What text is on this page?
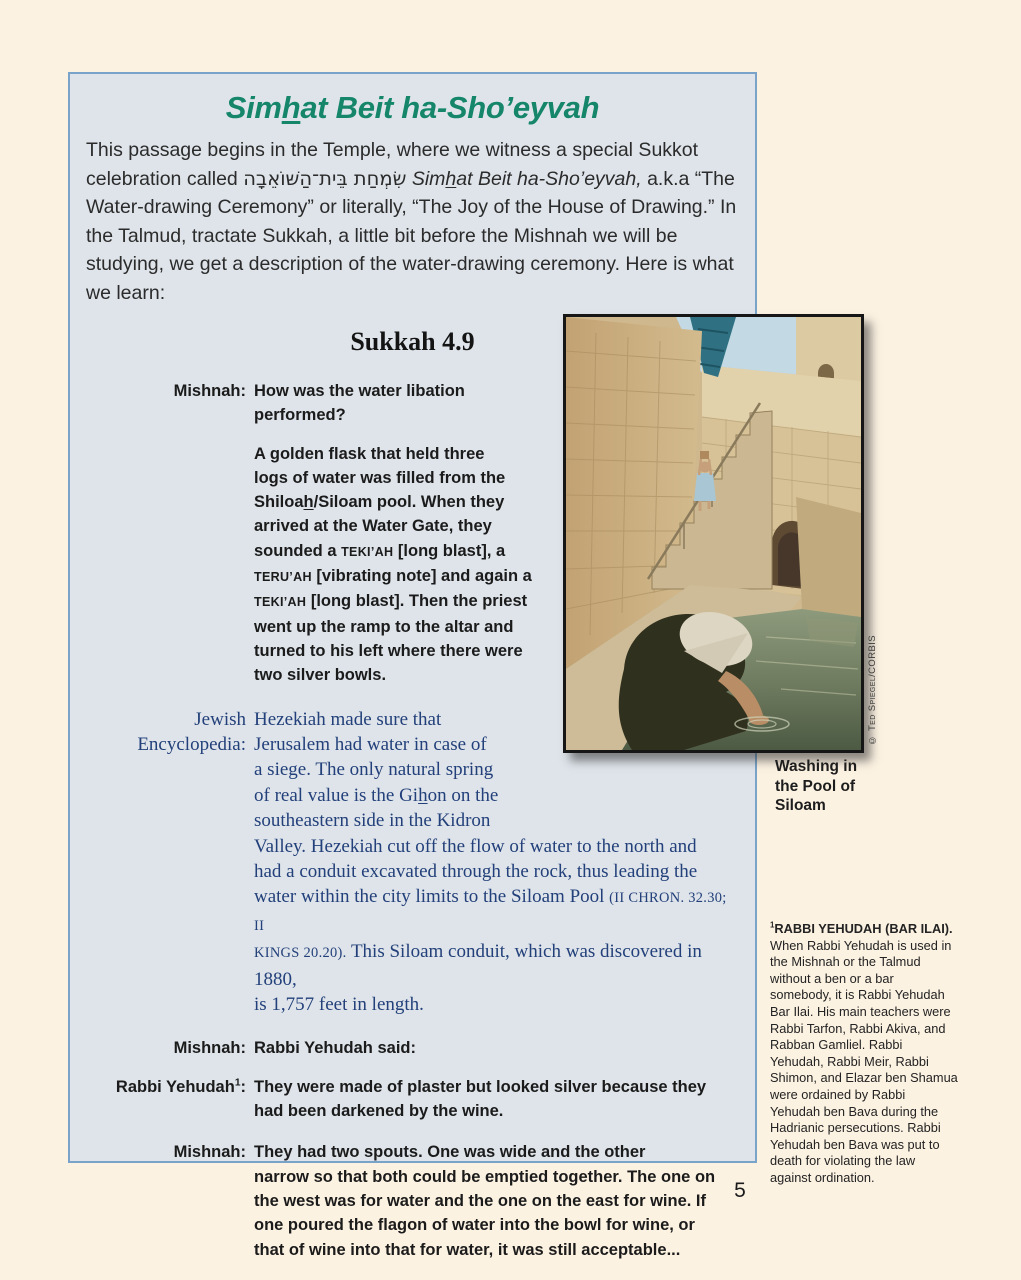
Simhat Beit ha-Sho’eyvah

This passage begins in the Temple, where we witness a special Sukkot celebration called שִׂמְחַת בֵּית־הַשּׁוֹאֵבָה Simhat Beit ha-Sho’eyvah, a.k.a “The Water-drawing Ceremony” or literally, “The Joy of the House of Drawing.” In the Talmud, tractate Sukkah, a little bit before the Mishnah we will be studying, we get a description of the water-drawing ceremony. Here is what we learn:

Sukkah 4.9
Mishnah: How was the water libation
performed?
A golden flask that held three
logs of water was filled from the
Shiloah/Siloam pool. When they
arrived at the Water Gate, they
sounded a TEKI’AH [long blast], a
TERU’AH [vibrating note] and again a
TEKI’AH [long blast]. Then the priest
went up the ramp to the altar and
turned to his left where there were
two silver bowls.
Jewish Encyclopedia:
Hezekiah made sure that
Jerusalem had water in case of
a siege. The only natural spring
of real value is the Gihon on the
southeastern side in the Kidron
Valley. Hezekiah cut off the flow of water to the north and
had a conduit excavated through the rock, thus leading the
water within the city limits to the Siloam Pool (II CHRON. 32.30; II
KINGS 20.20). This Siloam conduit, which was discovered in 1880,
is 1,757 feet in length.
Mishnah: Rabbi Yehudah said:
Rabbi Yehudah$^1$: They were made of plaster but looked silver because they
had been darkened by the wine.
Mishnah: They had two spouts. One was wide and the other
narrow so that both could be emptied together. The one on
the west was for water and the one on the east for wine. If
one poured the flagon of water into the bowl for wine, or
that of wine into that for water, it was still acceptable...
© Ted Spiegel/CORBIS
Washing in the Pool of Siloam
$^1$RABBI YEHUDAH (BAR ILAI). When Rabbi Yehudah is used in the Mishnah or the Talmud without a ben or a bar somebody, it is Rabbi Yehudah Bar Ilai. His main teachers were Rabbi Tarfon, Rabbi Akiva, and Rabban Gamliel. Rabbi Yehudah, Rabbi Meir, Rabbi Shimon, and Elazar ben Shamua were ordained by Rabbi Yehudah ben Bava during the Hadrianic persecutions. Rabbi Yehudah ben Bava was put to death for violating the law against ordination.
5
